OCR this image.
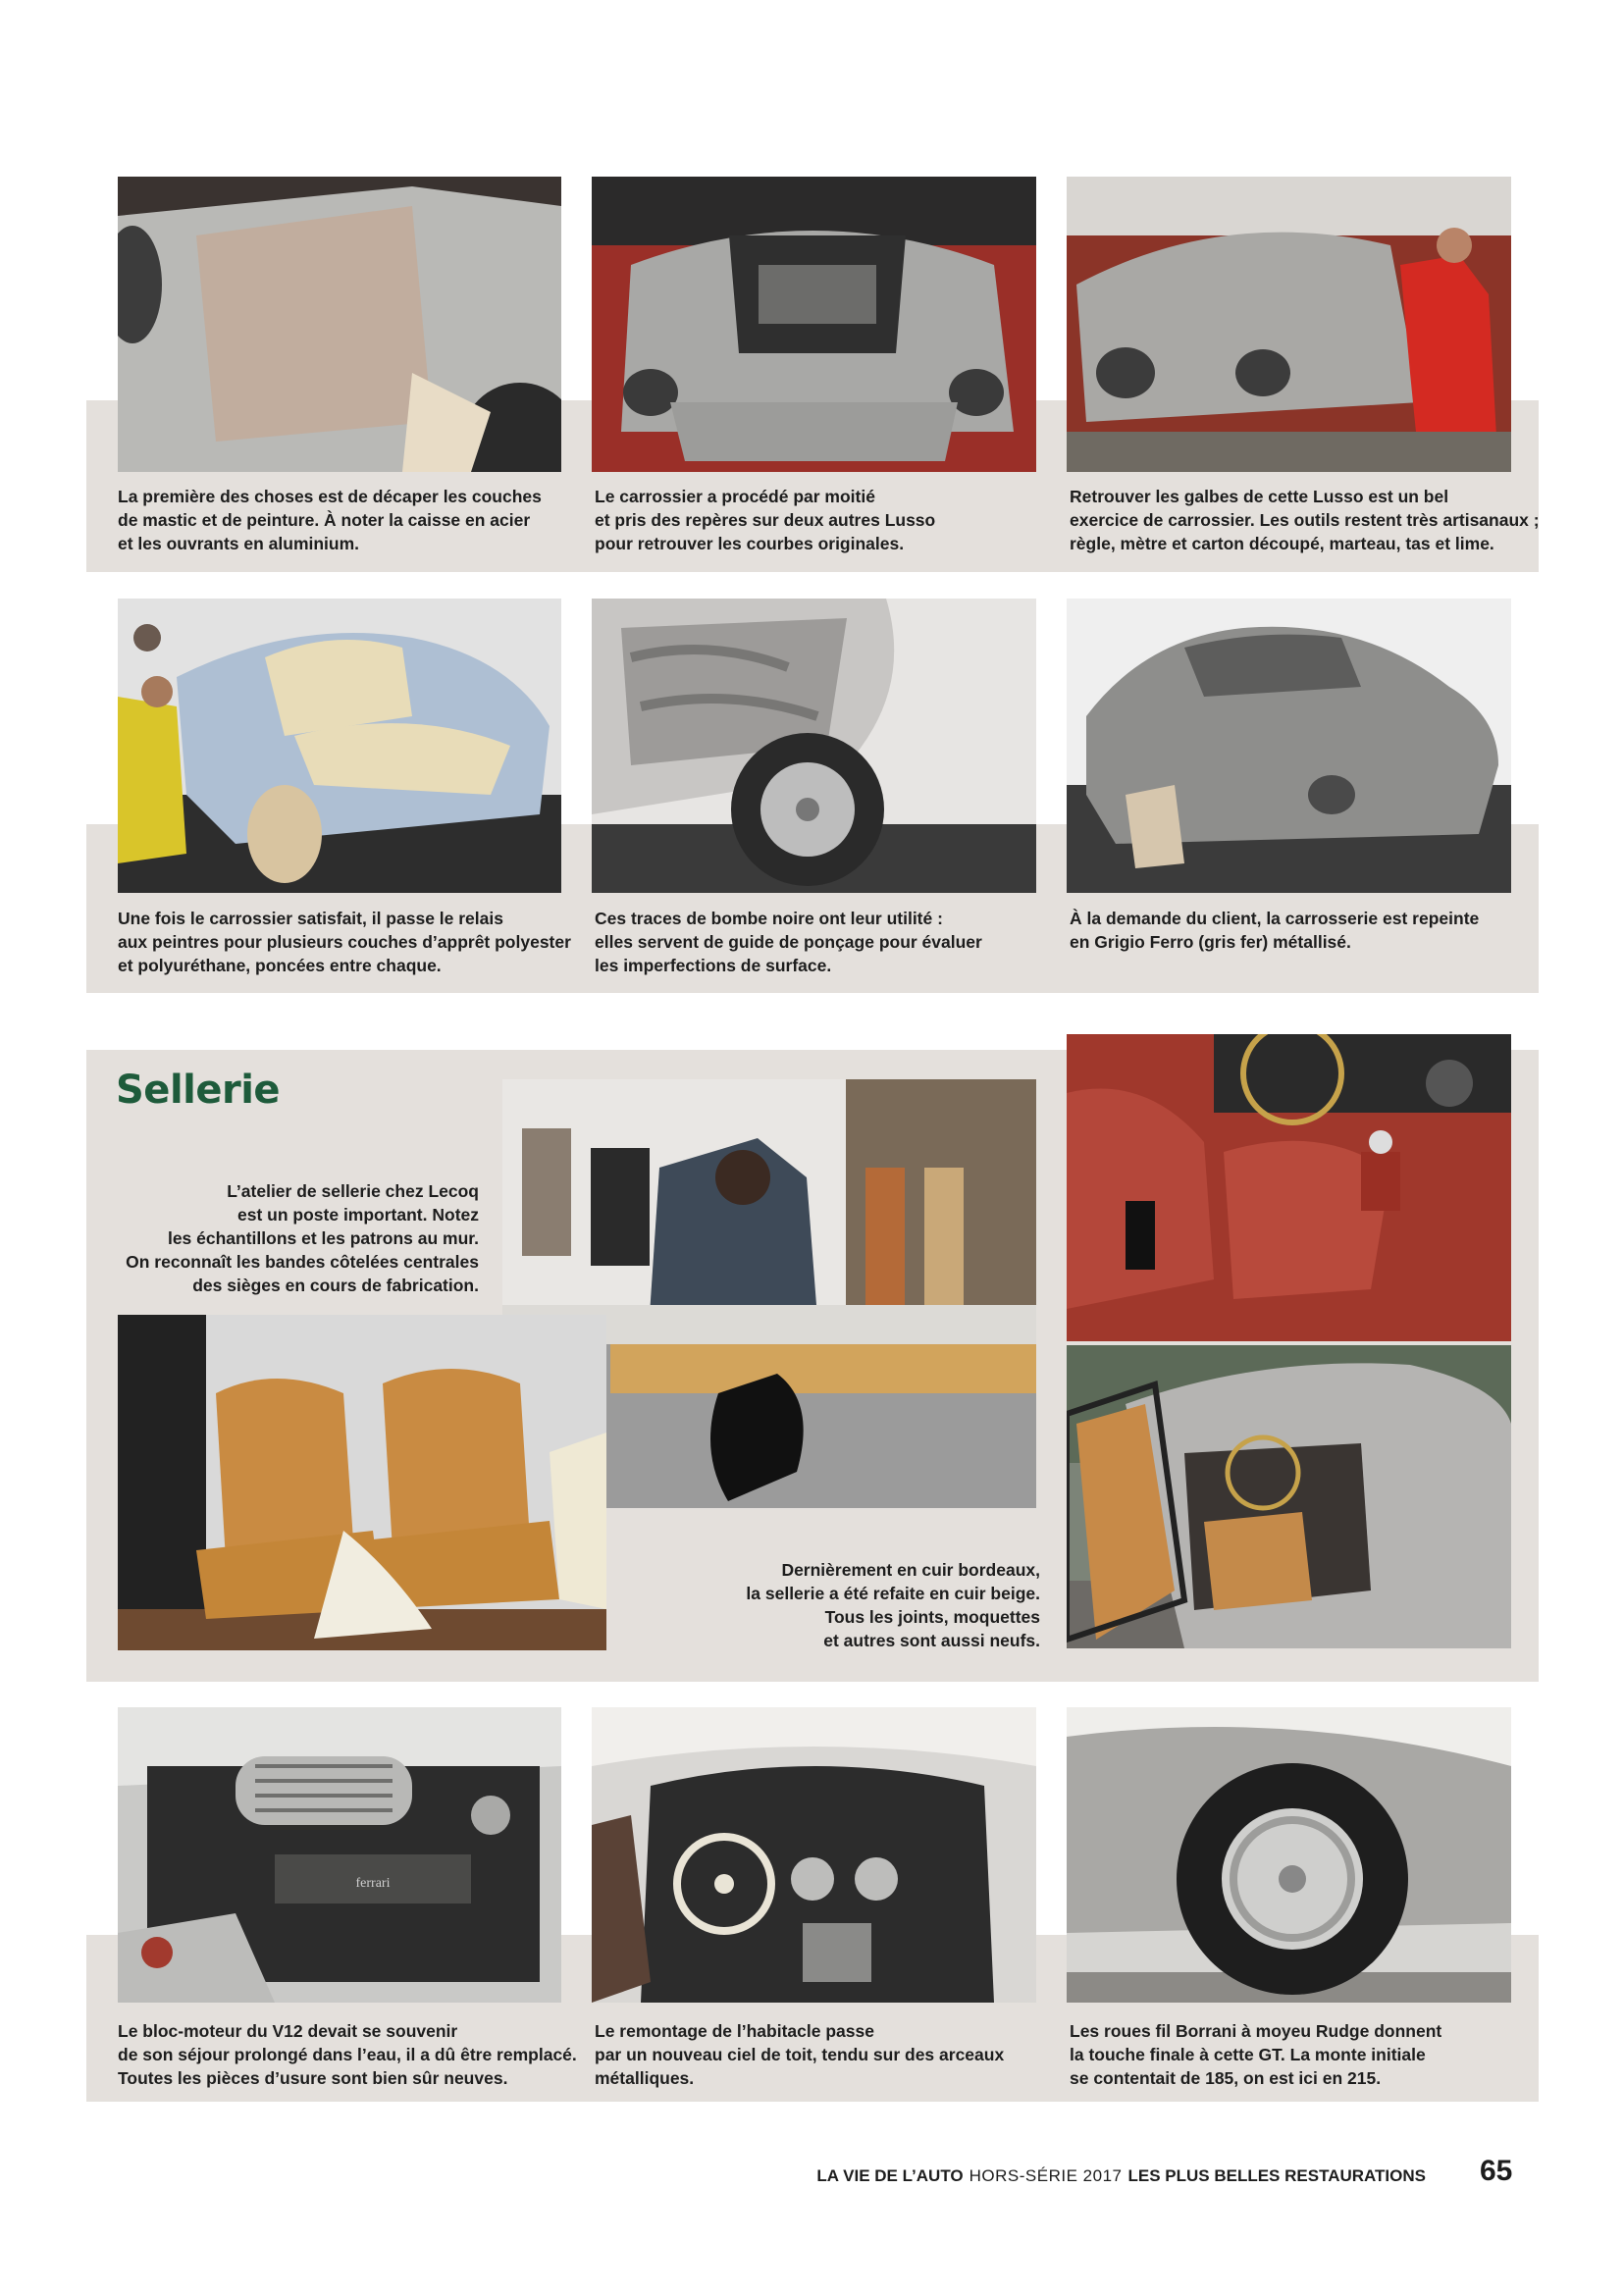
La première des choses est de décaper les couches
de mastic et de peinture. À noter la caisse en acier
et les ouvrants en aluminium.
Le carrossier a procédé par moitié
et pris des repères sur deux autres Lusso
pour retrouver les courbes originales.
Retrouver les galbes de cette Lusso est un bel
exercice de carrossier. Les outils restent très artisanaux ;
règle, mètre et carton découpé, marteau, tas et lime.
Une fois le carrossier satisfait, il passe le relais
aux peintres pour plusieurs couches d’apprêt polyester
et polyuréthane, poncées entre chaque.
Ces traces de bombe noire ont leur utilité :
elles servent de guide de ponçage pour évaluer
les imperfections de surface.
À la demande du client, la carrosserie est repeinte
en Grigio Ferro (gris fer) métallisé.
Sellerie
L’atelier de sellerie chez Lecoq
est un poste important. Notez
les échantillons et les patrons au mur.
On reconnaît les bandes côtelées centrales
des sièges en cours de fabrication.
Dernièrement en cuir bordeaux,
la sellerie a été refaite en cuir beige.
Tous les joints, moquettes
et autres sont aussi neufs.
ferrari
Le bloc-moteur du V12 devait se souvenir
de son séjour prolongé dans l’eau, il a dû être remplacé.
Toutes les pièces d’usure sont bien sûr neuves.
Le remontage de l’habitacle passe
par un nouveau ciel de toit, tendu sur des arceaux
métalliques.
Les roues fil Borrani à moyeu Rudge donnent
la touche finale à cette GT. La monte initiale
se contentait de 185, on est ici en 215.
LA VIE DE L’AUTO HORS-SÉRIE 2017 LES PLUS BELLES RESTAURATIONS 65
